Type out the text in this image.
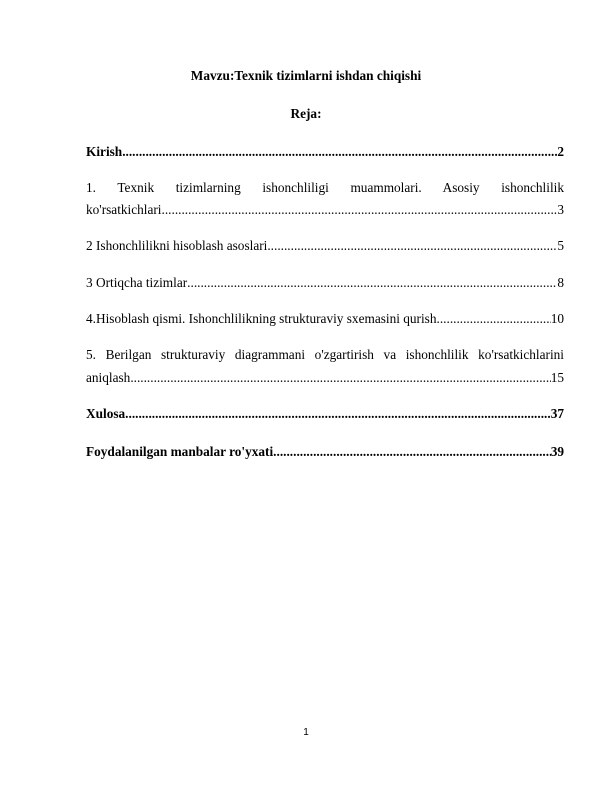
Mavzu:Texnik tizimlarni ishdan chiqishi
Reja:
Kirish .....	2
1. Texnik tizimlarning ishonchliligi muammolari. Asosiy ishonchlilik
ko'rsatkichlari .....	3
2 Ishonchlilikni hisoblash asoslari .....	5
3 Ortiqcha tizimlar .....	8
4.Hisoblash qismi. Ishonchlilikning strukturaviy sxemasini qurish .....	10
5. Berilgan strukturaviy diagrammani o'zgartirish va ishonchlilik ko'rsatkichlarini
aniqlash .....	15
Xulosa .....	37
Foydalanilgan manbalar ro'yxati .....	39
1
